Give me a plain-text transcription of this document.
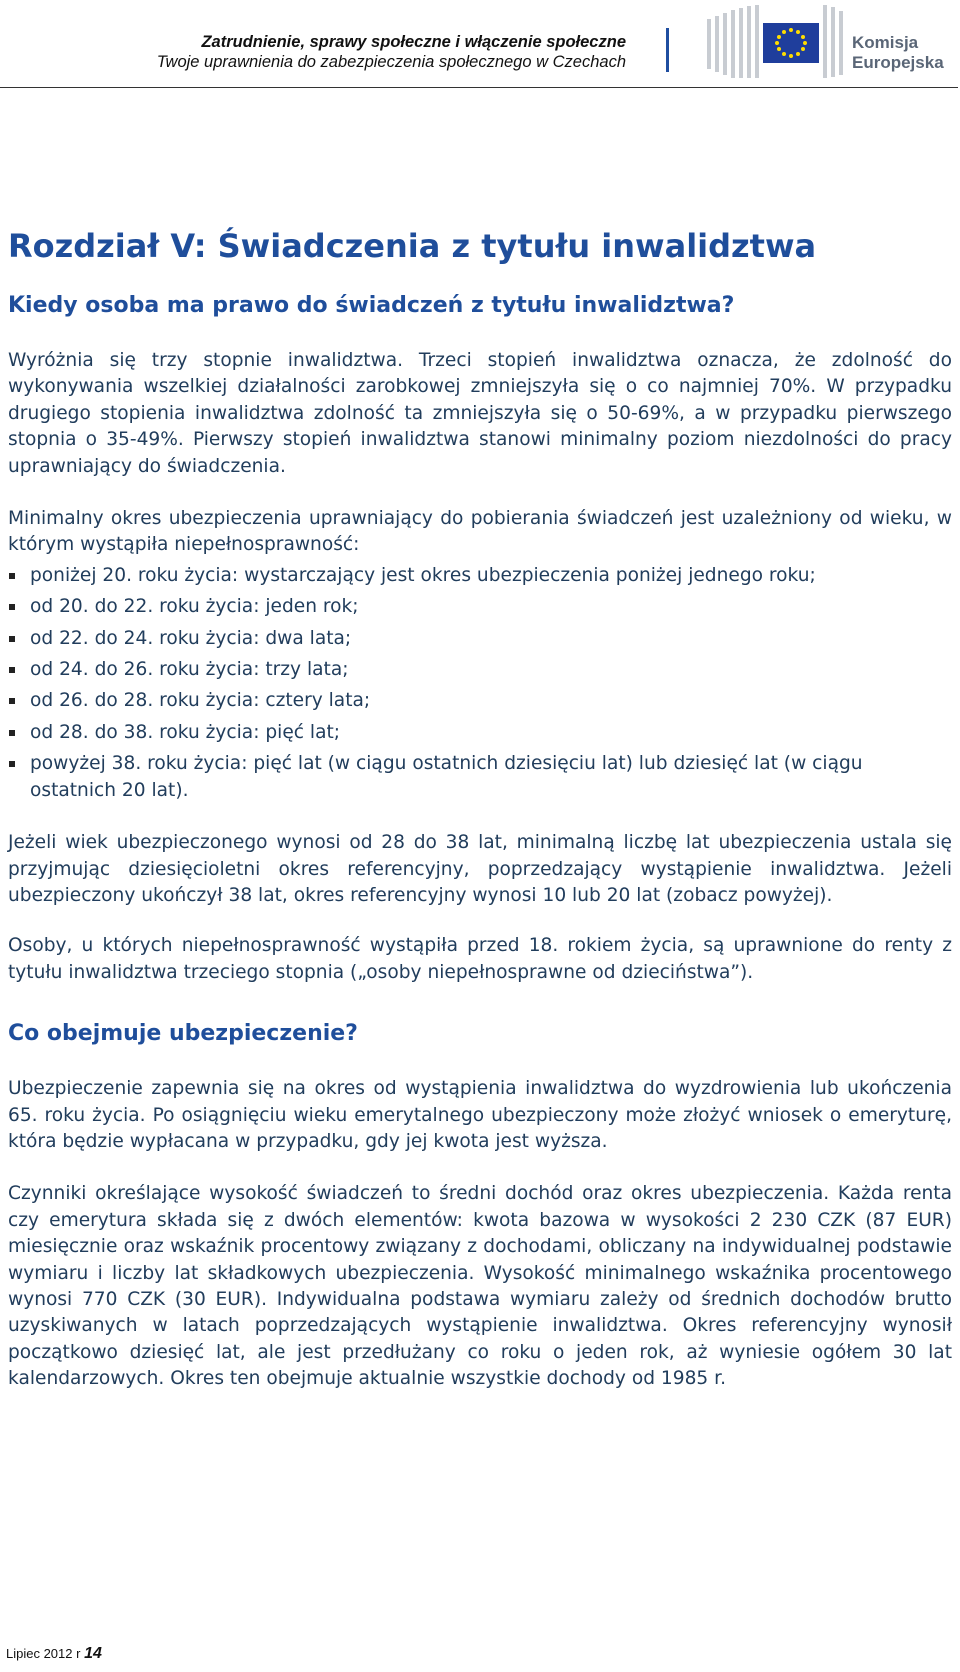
Zatrudnienie, sprawy społeczne i włączenie społeczne
Twoje uprawnienia do zabezpieczenia społecznego w Czechach
Komisja
Europejska
Rozdział V: Świadczenia z tytułu inwalidztwa
Kiedy osoba ma prawo do świadczeń z tytułu inwalidztwa?

Wyróżnia się trzy stopnie inwalidztwa. Trzeci stopień inwalidztwa oznacza, że zdolność do wykonywania wszelkiej działalności zarobkowej zmniejszyła się o co najmniej 70%. W przypadku drugiego stopienia inwalidztwa zdolność ta zmniejszyła się o 50-69%, a w przypadku pierwszego stopnia o 35-49%. Pierwszy stopień inwalidztwa stanowi minimalny poziom niezdolności do pracy uprawniający do świadczenia.

Minimalny okres ubezpieczenia uprawniający do pobierania świadczeń jest uzależniony od wieku, w którym wystąpiła niepełnosprawność:

poniżej 20. roku życia: wystarczający jest okres ubezpieczenia poniżej jednego roku;
od 20. do 22. roku życia: jeden rok;
od 22. do 24. roku życia: dwa lata;
od 24. do 26. roku życia: trzy lata;
od 26. do 28. roku życia: cztery lata;
od 28. do 38. roku życia: pięć lat;
powyżej 38. roku życia: pięć lat (w ciągu ostatnich dziesięciu lat) lub dziesięć lat (w ciągu ostatnich 20 lat).

Jeżeli wiek ubezpieczonego wynosi od 28 do 38 lat, minimalną liczbę lat ubezpieczenia ustala się przyjmując dziesięcioletni okres referencyjny, poprzedzający wystąpienie inwalidztwa. Jeżeli ubezpieczony ukończył 38 lat, okres referencyjny wynosi 10 lub 20 lat (zobacz powyżej).

Osoby, u których niepełnosprawność wystąpiła przed 18. rokiem życia, są uprawnione do renty z tytułu inwalidztwa trzeciego stopnia („osoby niepełnosprawne od dzieciństwa”).

Co obejmuje ubezpieczenie?

Ubezpieczenie zapewnia się na okres od wystąpienia inwalidztwa do wyzdrowienia lub ukończenia 65. roku życia. Po osiągnięciu wieku emerytalnego ubezpieczony może złożyć wniosek o emeryturę, która będzie wypłacana w przypadku, gdy jej kwota jest wyższa.

Czynniki określające wysokość świadczeń to średni dochód oraz okres ubezpieczenia. Każda renta czy emerytura składa się z dwóch elementów: kwota bazowa w wysokości 2 230 CZK (87 EUR) miesięcznie oraz wskaźnik procentowy związany z dochodami, obliczany na indywidualnej podstawie wymiaru i liczby lat składkowych ubezpieczenia. Wysokość minimalnego wskaźnika procentowego wynosi 770 CZK (30 EUR). Indywidualna podstawa wymiaru zależy od średnich dochodów brutto uzyskiwanych w latach poprzedzających wystąpienie inwalidztwa. Okres referencyjny wynosił początkowo dziesięć lat, ale jest przedłużany co roku o jeden rok, aż wyniesie ogółem 30 lat kalendarzowych. Okres ten obejmuje aktualnie wszystkie dochody od 1985 r.

Lipiec 2012 r 14
